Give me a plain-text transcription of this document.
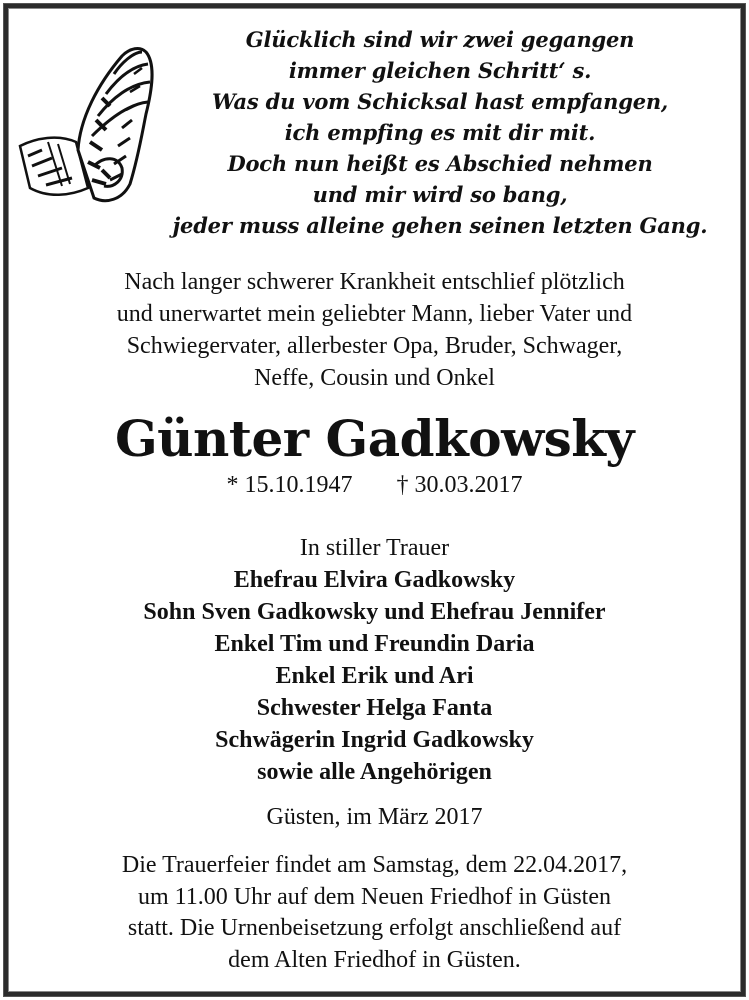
Glücklich sind wir zwei gegangen
immer gleichen Schritt‘ s.
Was du vom Schicksal hast empfangen,
ich empfing es mit dir mit.
Doch nun heißt es Abschied nehmen
und mir wird so bang,
jeder muss alleine gehen seinen letzten Gang.
Nach langer schwerer Krankheit entschlief plötzlich
und unerwartet mein geliebter Mann, lieber Vater und
Schwiegervater, allerbester Opa, Bruder, Schwager,
Neffe, Cousin und Onkel
Günter Gadkowsky
* 15.10.1947 † 30.03.2017
In stiller Trauer
Ehefrau Elvira Gadkowsky
Sohn Sven Gadkowsky und Ehefrau Jennifer
Enkel Tim und Freundin Daria
Enkel Erik und Ari
Schwester Helga Fanta
Schwägerin Ingrid Gadkowsky
sowie alle Angehörigen
Güsten, im März 2017
Die Trauerfeier findet am Samstag, dem 22.04.2017,
um 11.00 Uhr auf dem Neuen Friedhof in Güsten
statt. Die Urnenbeisetzung erfolgt anschließend auf
dem Alten Friedhof in Güsten.
